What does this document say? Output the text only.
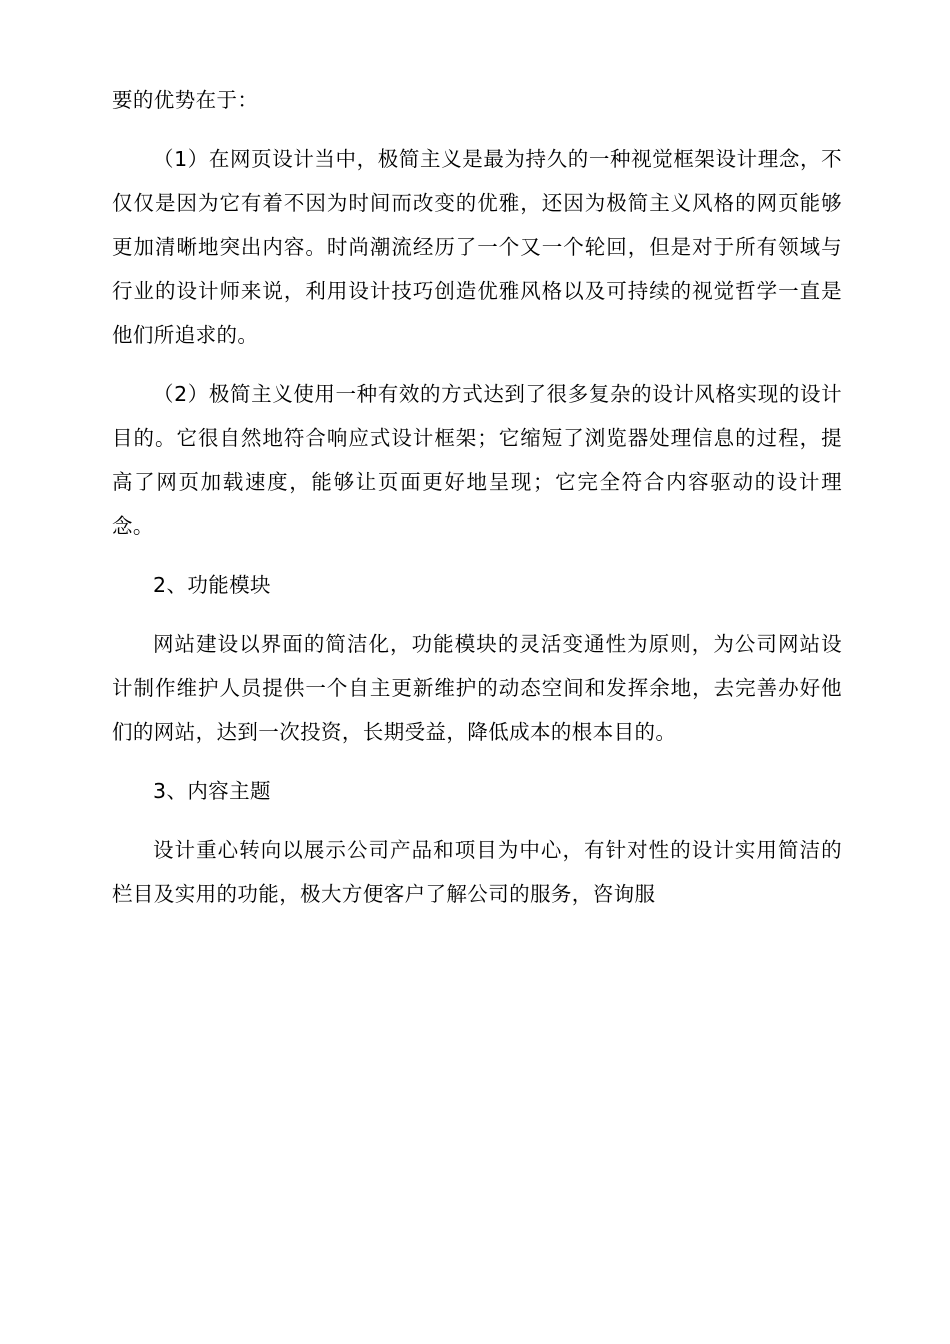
要的优势在于：

（1）在网页设计当中，极简主义是最为持久的一种视觉框架设计理念，不仅仅是因为它有着不因为时间而改变的优雅，还因为极简主义风格的网页能够更加清晰地突出内容。时尚潮流经历了一个又一个轮回，但是对于所有领域与行业的设计师来说，利用设计技巧创造优雅风格以及可持续的视觉哲学一直是他们所追求的。

（2）极简主义使用一种有效的方式达到了很多复杂的设计风格实现的设计目的。它很自然地符合响应式设计框架；它缩短了浏览器处理信息的过程，提高了网页加载速度，能够让页面更好地呈现；它完全符合内容驱动的设计理念。

2、功能模块

网站建设以界面的简洁化，功能模块的灵活变通性为原则，为公司网站设计制作维护人员提供一个自主更新维护的动态空间和发挥余地，去完善办好他们的网站，达到一次投资，长期受益，降低成本的根本目的。

3、内容主题

设计重心转向以展示公司产品和项目为中心，有针对性的设计实用简洁的栏目及实用的功能，极大方便客户了解公司的服务，咨询服
